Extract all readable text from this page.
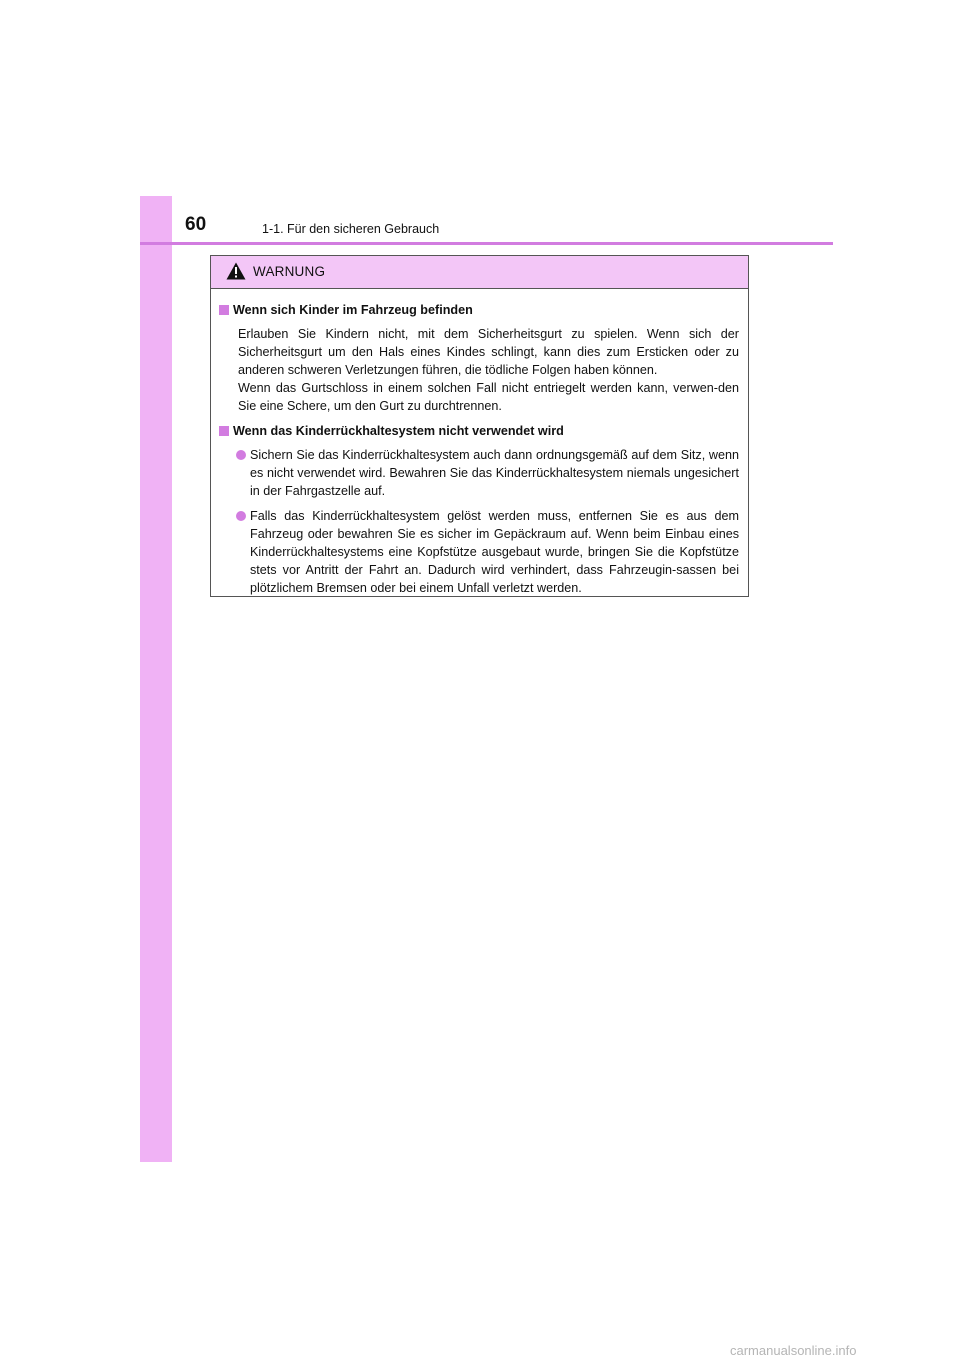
60	1-1. Für den sicheren Gebrauch
WARNUNG
Wenn sich Kinder im Fahrzeug befinden
Erlauben Sie Kindern nicht, mit dem Sicherheitsgurt zu spielen. Wenn sich der Sicherheitsgurt um den Hals eines Kindes schlingt, kann dies zum Ersticken oder zu anderen schweren Verletzungen führen, die tödliche Folgen haben können.
Wenn das Gurtschloss in einem solchen Fall nicht entriegelt werden kann, verwen-den Sie eine Schere, um den Gurt zu durchtrennen.
Wenn das Kinderrückhaltesystem nicht verwendet wird
Sichern Sie das Kinderrückhaltesystem auch dann ordnungsgemäß auf dem Sitz, wenn es nicht verwendet wird. Bewahren Sie das Kinderrückhaltesystem niemals ungesichert in der Fahrgastzelle auf.
Falls das Kinderrückhaltesystem gelöst werden muss, entfernen Sie es aus dem Fahrzeug oder bewahren Sie es sicher im Gepäckraum auf. Wenn beim Einbau eines Kinderrückhaltesystems eine Kopfstütze ausgebaut wurde, bringen Sie die Kopfstütze stets vor Antritt der Fahrt an. Dadurch wird verhindert, dass Fahrzeugin-sassen bei plötzlichem Bremsen oder bei einem Unfall verletzt werden.
carmanualsonline.info
